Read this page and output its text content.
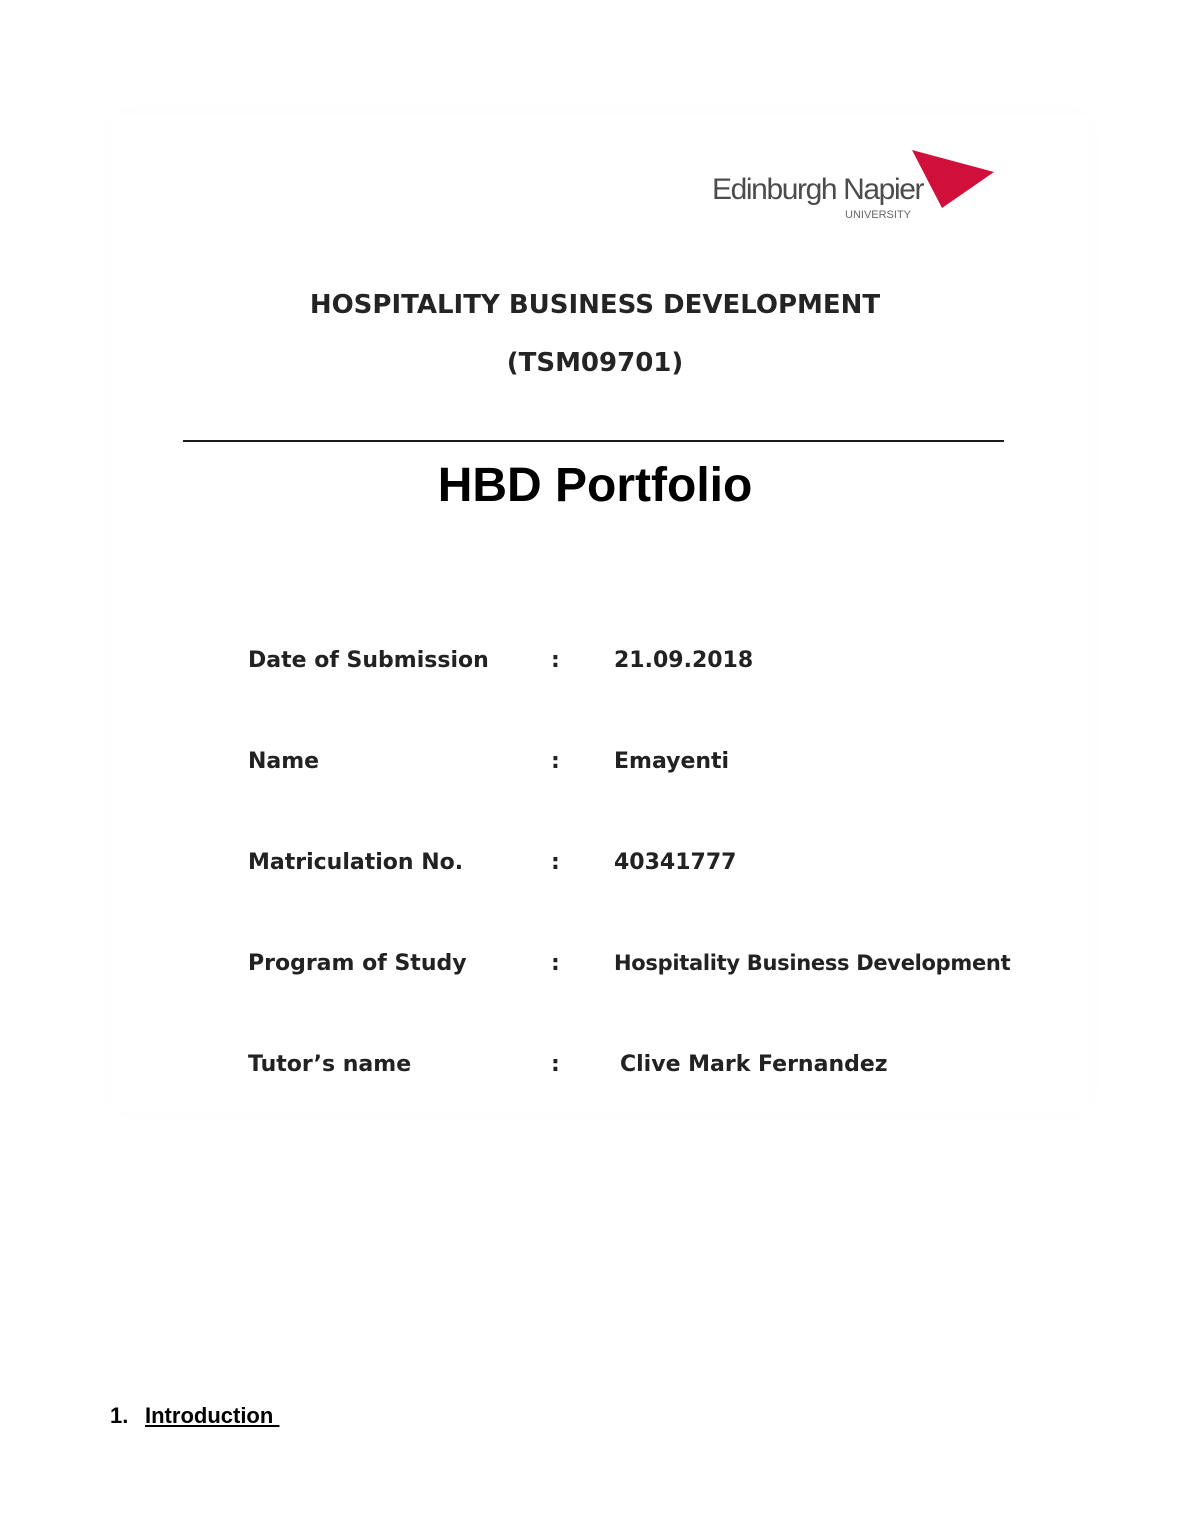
Edinburgh Napier
UNIVERSITY
HOSPITALITY BUSINESS DEVELOPMENT
(TSM09701)
HBD Portfolio
Date of Submission	: 21.09.2018
Name	: Emayenti
Matriculation No.	: 40341777
Program of Study	:	Hospitality Business Development
Tutor’s name	:	Clive Mark Fernandez
1. Introduction
